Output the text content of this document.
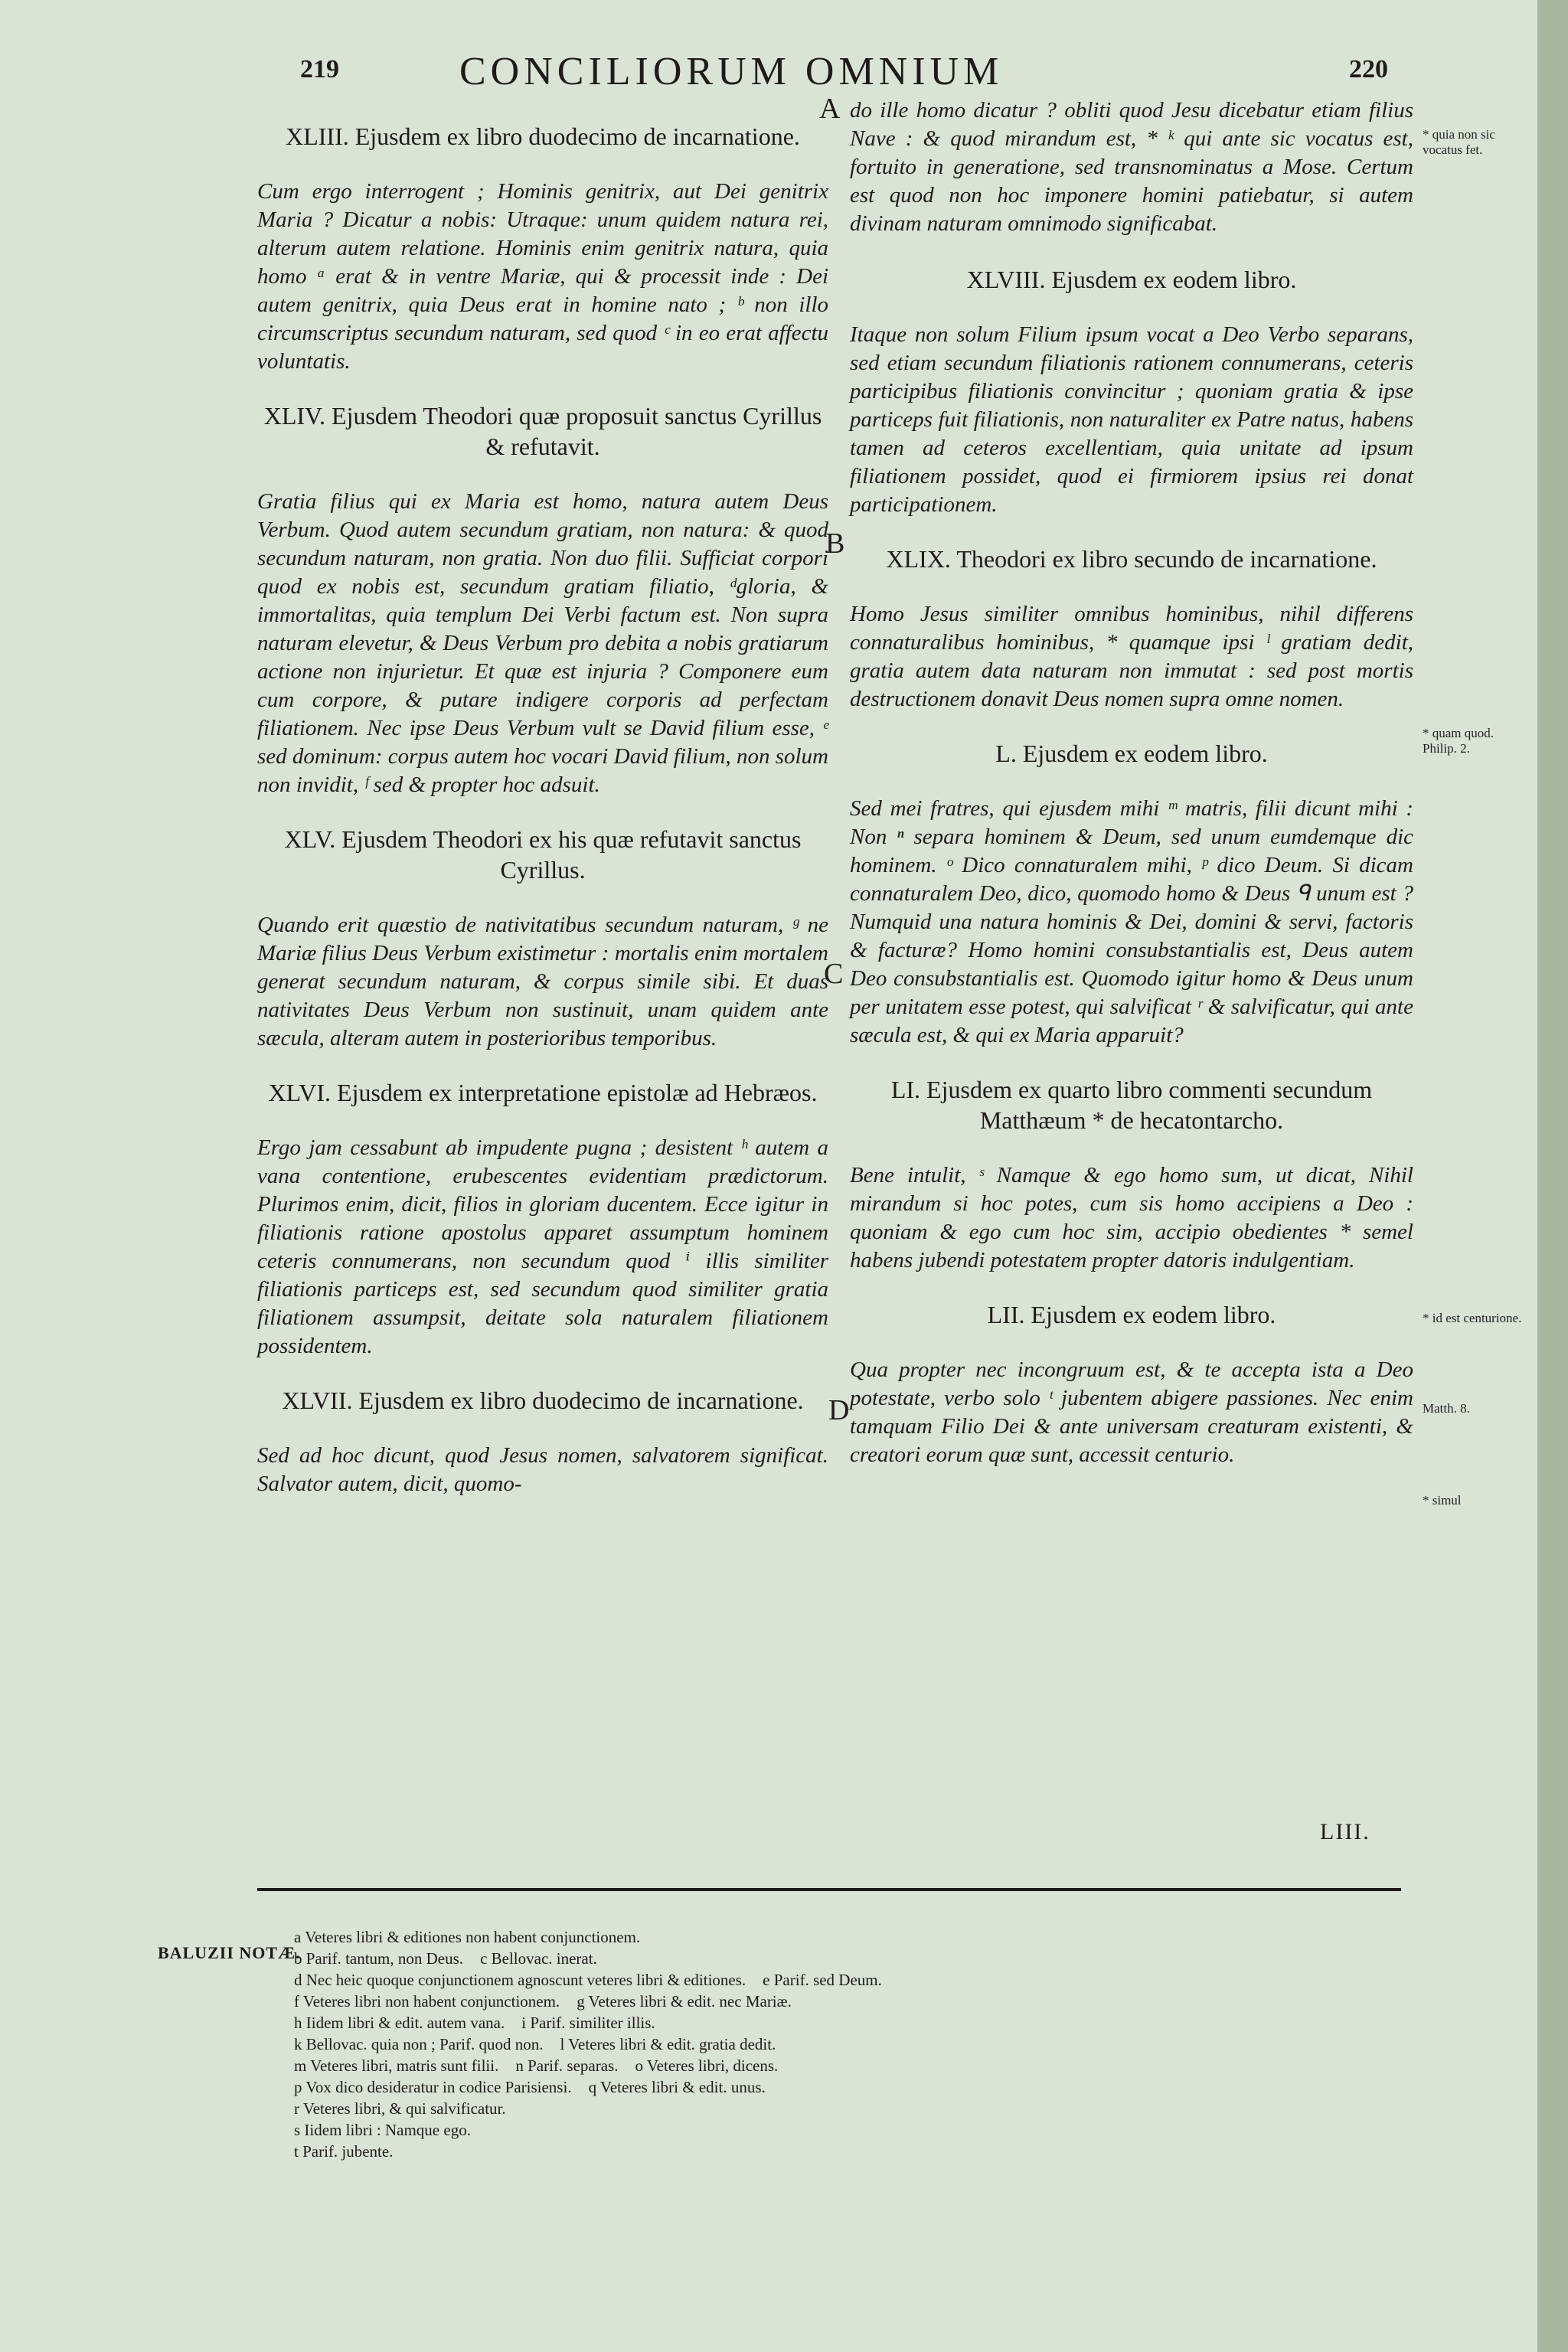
219	CONCILIORUM OMNIUM	220
XLIII. Ejusdem ex libro duodecimo de incarnatione.
Cum ergo interrogent ; Hominis genitrix, aut Dei genitrix Maria ? Dicatur a nobis: Utraque: unum quidem natura rei, alterum autem relatione. Hominis enim genitrix natura, quia homo ᵃ erat & in ventre Mariæ, qui & processit inde : Dei autem genitrix, quia Deus erat in homine nato ; ᵇ non illo circumscriptus secundum naturam, sed quod ᶜ in eo erat affectu voluntatis.
XLIV. Ejusdem Theodori quæ proposuit sanctus Cyrillus & refutavit.
Gratia filius qui ex Maria est homo, natura autem Deus Verbum. Quod autem secundum gratiam, non natura: & quod secundum naturam, non gratia. Non duo filii. Sufficiat corpori quod ex nobis est, secundum gratiam filiatio, ᵈgloria, & immortalitas, quia templum Dei Verbi factum est. Non supra naturam elevetur, & Deus Verbum pro debita a nobis gratiarum actione non injurietur. Et quæ est injuria ? Componere eum cum corpore, & putare indigere corporis ad perfectam filiationem. Nec ipse Deus Verbum vult se David filium esse, ᵉ sed dominum: corpus autem hoc vocari David filium, non solum non invidit, ᶠ sed & propter hoc adsuit.
XLV. Ejusdem Theodori ex his quæ refutavit sanctus Cyrillus.
Quando erit quæstio de nativitatibus secundum naturam, ᵍ ne Mariæ filius Deus Verbum existimetur : mortalis enim mortalem generat secundum naturam, & corpus simile sibi. Et duas nativitates Deus Verbum non sustinuit, unam quidem ante sæcula, alteram autem in posterioribus temporibus.
XLVI. Ejusdem ex interpretatione epistolæ ad Hebræos.
Ergo jam cessabunt ab impudente pugna ; desistent ʰ autem a vana contentione, erubescentes evidentiam prædictorum. Plurimos enim, dicit, filios in gloriam ducentem. Ecce igitur in filiationis ratione apostolus apparet assumptum hominem ceteris connumerans, non secundum quod ⁱ illis similiter filiationis particeps est, sed secundum quod similiter gratia filiationem assumpsit, deitate sola naturalem filiationem possidentem.
XLVII. Ejusdem ex libro duodecimo de incarnatione.
Sed ad hoc dicunt, quod Jesus nomen, salvatorem significat. Salvator autem, dicit, quomo-
do ille homo dicatur ? obliti quod Jesu dicebatur etiam filius Nave : & quod mirandum est, * ᵏ qui ante sic vocatus est, fortuito in generatione, sed transnominatus a Mose. Certum est quod non hoc imponere homini patiebatur, si autem divinam naturam omnimodo significabat.
XLVIII. Ejusdem ex eodem libro.
Itaque non solum Filium ipsum vocat a Deo Verbo separans, sed etiam secundum filiationis rationem connumerans, ceteris participibus filiationis convincitur ; quoniam gratia & ipse particeps fuit filiationis, non naturaliter ex Patre natus, habens tamen ad ceteros excellentiam, quia unitate ad ipsum filiationem possidet, quod ei firmiorem ipsius rei donat participationem.
XLIX. Theodori ex libro secundo de incarnatione.
Homo Jesus similiter omnibus hominibus, nihil differens connaturalibus hominibus, * quamque ipsi ˡ gratiam dedit, gratia autem data naturam non immutat : sed post mortis destructionem donavit Deus nomen supra omne nomen.
L. Ejusdem ex eodem libro.
Sed mei fratres, qui ejusdem mihi ᵐ matris, filii dicunt mihi : Non ⁿ separa hominem & Deum, sed unum eumdemque dic hominem. ᵒ Dico connaturalem mihi, ᵖ dico Deum. Si dicam connaturalem Deo, dico, quomodo homo & Deus ᑫ unum est ? Numquid una natura hominis & Dei, domini & servi, factoris & facturæ? Homo homini consubstantialis est, Deus autem Deo consubstantialis est. Quomodo igitur homo & Deus unum per unitatem esse potest, qui salvificat ʳ & salvificatur, qui ante sæcula est, & qui ex Maria apparuit?
LI. Ejusdem ex quarto libro commenti secundum Matthæum * de hecatontarcho.
Bene intulit, ˢ Namque & ego homo sum, ut dicat, Nihil mirandum si hoc potes, cum sis homo accipiens a Deo : quoniam & ego cum hoc sim, accipio obedientes * semel habens jubendi potestatem propter datoris indulgentiam.
LII. Ejusdem ex eodem libro.
Qua propter nec incongruum est, & te accepta ista a Deo potestate, verbo solo ᵗ jubentem abigere passiones. Nec enim tamquam Filio Dei & ante universam creaturam existenti, & creatori eorum quæ sunt, accessit centurio.
A
B
C
D
* quia non sic vocatus fet.
* quam quod. Philip. 2.
* id est centurione.
Matth. 8.
* simul
LIII.
BALUZII NOTÆ.
a Veteres libri & editiones non habent conjunctionem.
b Parif. tantum, non Deus. c Bellovac. inerat.
d Nec heic quoque conjunctionem agnoscunt veteres libri & editiones. e Parif. sed Deum.
f Veteres libri non habent conjunctionem. g Veteres libri & edit. nec Mariæ.
h Iidem libri & edit. autem vana. i Parif. similiter illis.
k Bellovac. quia non ; Parif. quod non. l Veteres libri & edit. gratia dedit.
m Veteres libri, matris sunt filii. n Parif. separas. o Veteres libri, dicens.
p Vox dico desideratur in codice Parisiensi. q Veteres libri & edit. unus.
r Veteres libri, & qui salvificatur.
s Iidem libri : Namque ego.
t Parif. jubente.
